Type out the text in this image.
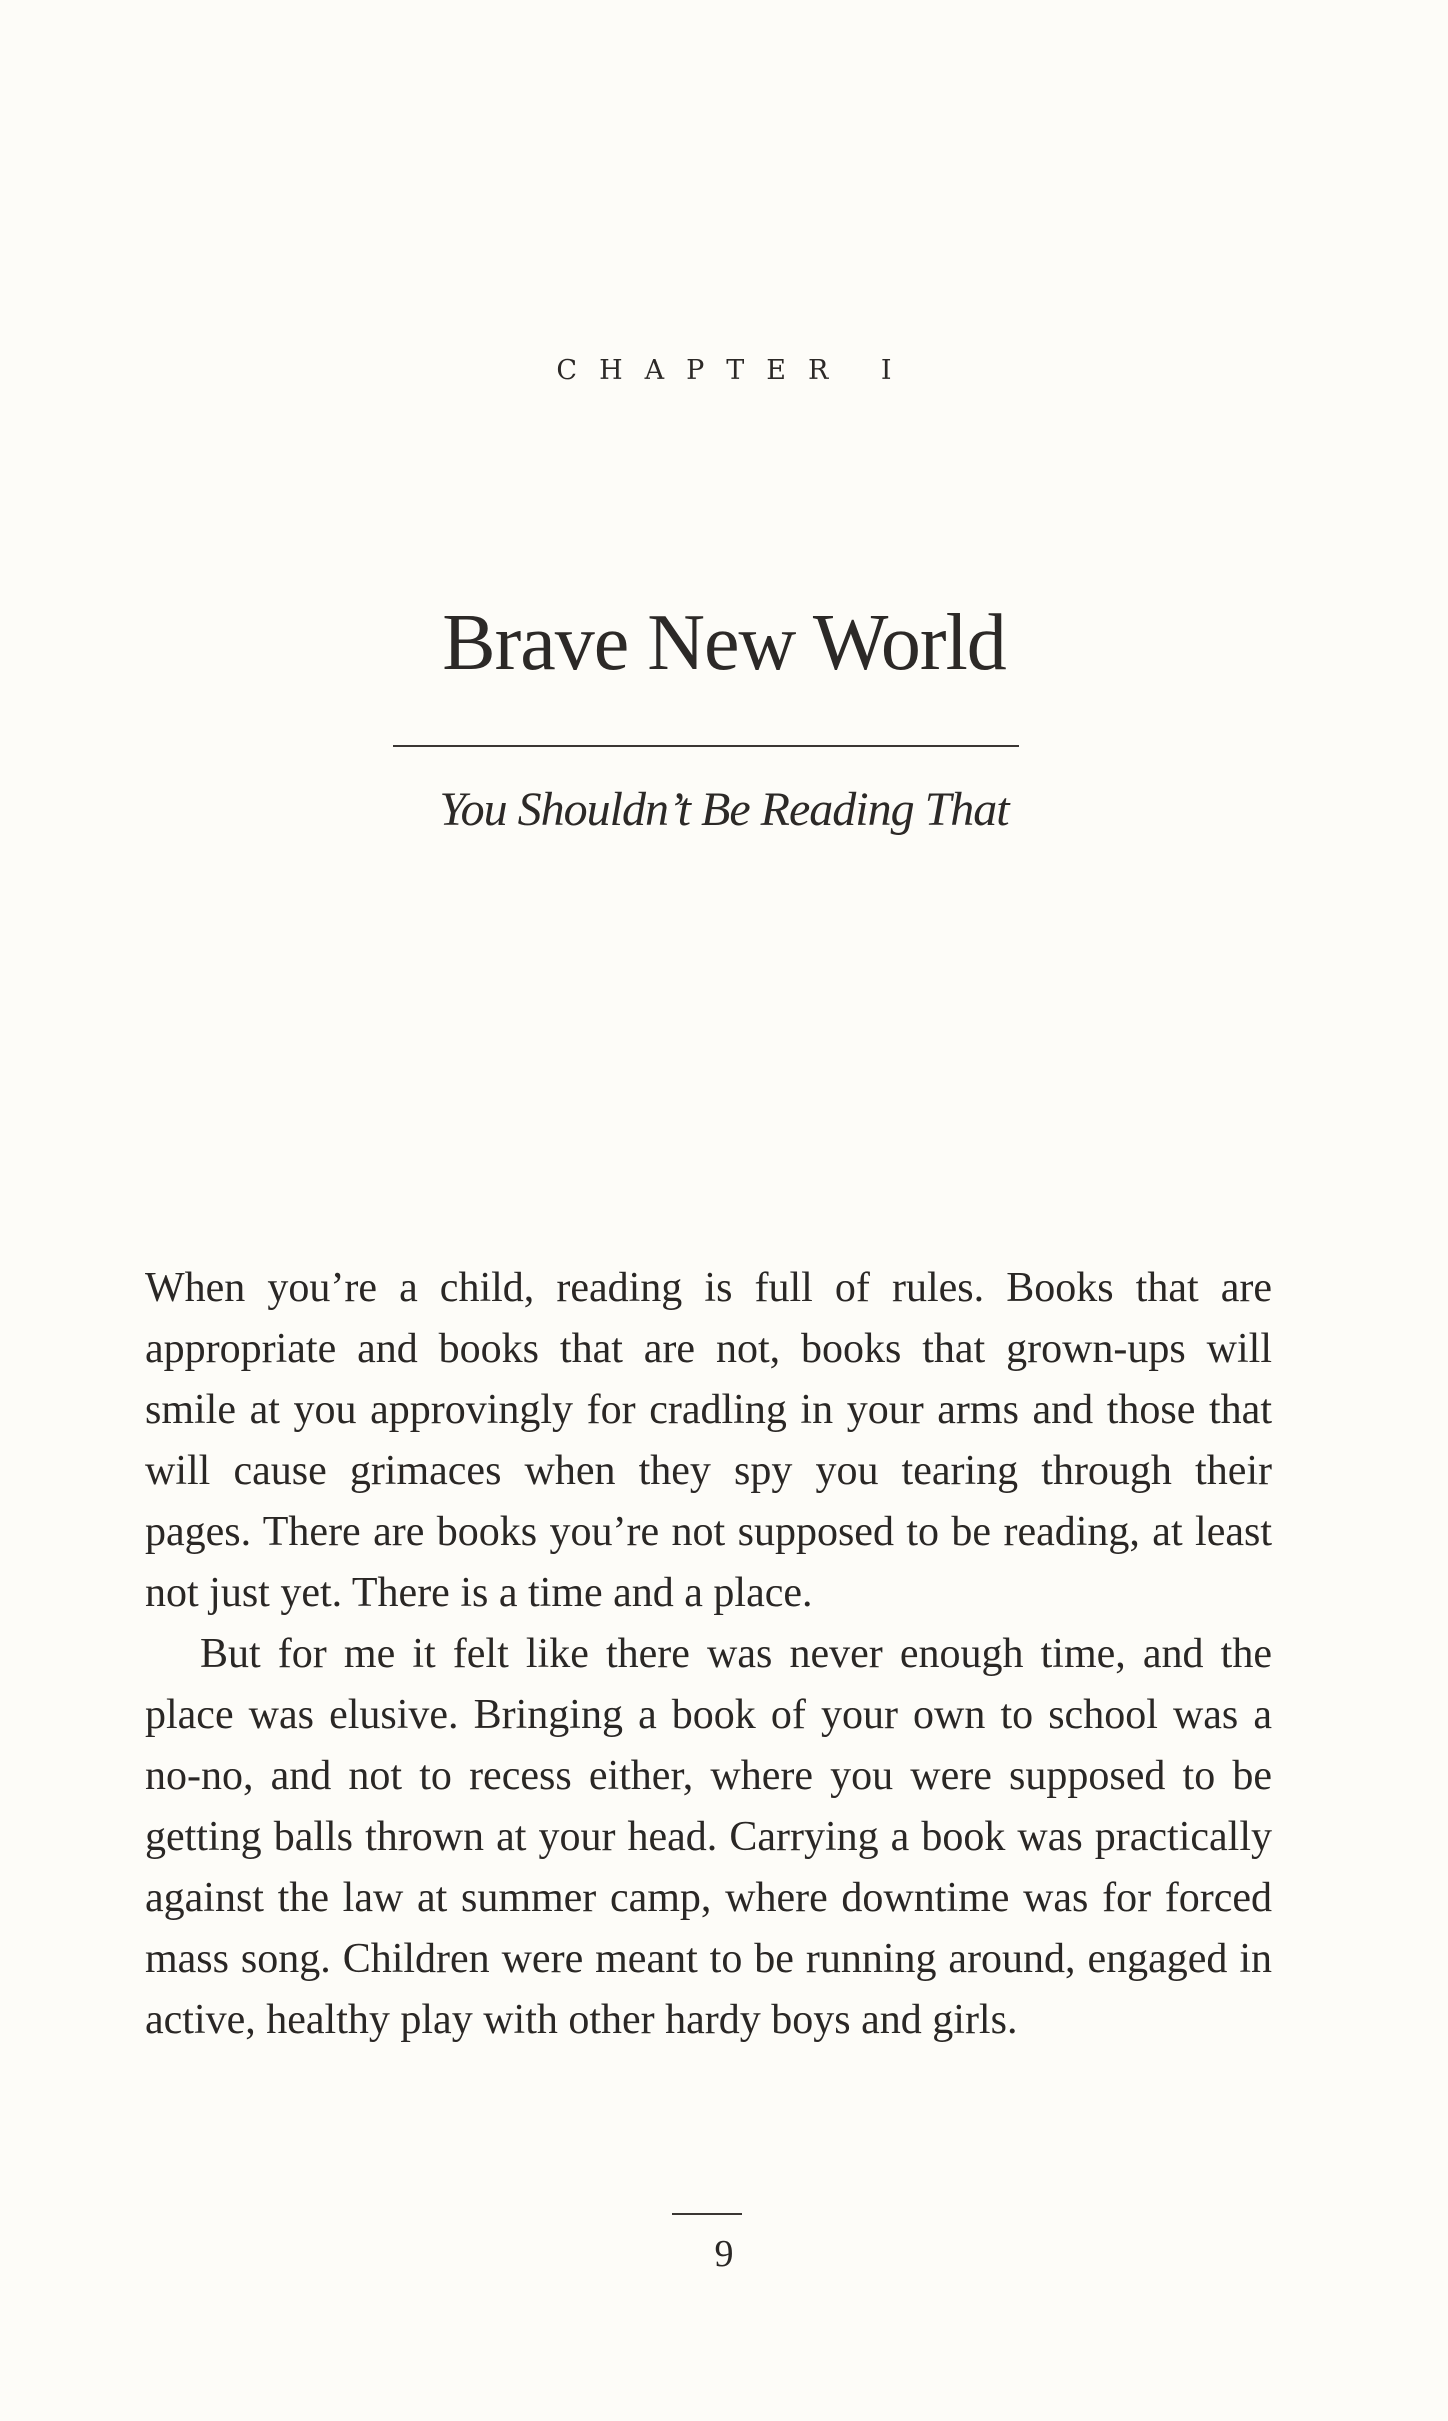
CHAPTER I
Brave New World
You Shouldn’t Be Reading That

When you’re a child, reading is full of rules. Books that are appropriate and books that are not, books that grown-ups will smile at you approvingly for cradling in your arms and those that will cause grimaces when they spy you tearing through their pages. There are books you’re not supposed to be reading, at least not just yet. There is a time and a place.

But for me it felt like there was never enough time, and the place was elusive. Bringing a book of your own to school was a no-no, and not to recess either, where you were supposed to be getting balls thrown at your head. Carrying a book was practically against the law at summer camp, where downtime was for forced mass song. Children were meant to be running around, engaged in active, healthy play with other hardy boys and girls.

9
